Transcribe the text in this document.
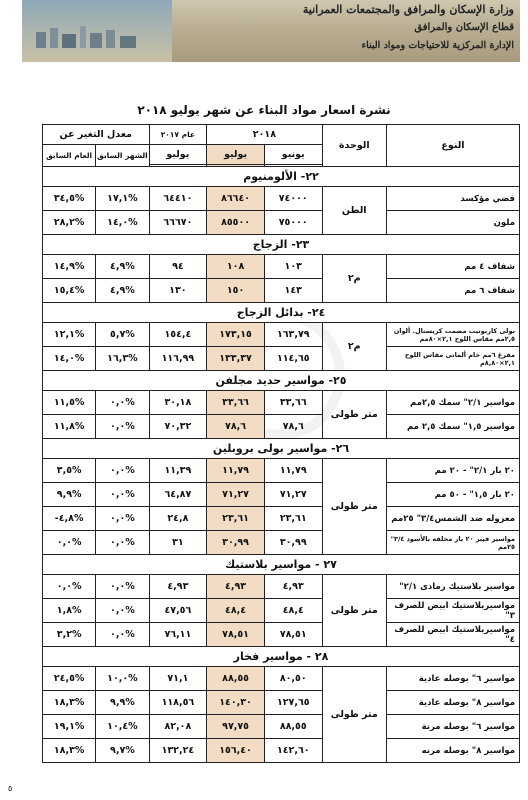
وزارة الإسكان والمرافق والمجتمعات العمرانية
قطاع الإسكان والمرافق
الإدارة المركزية للاحتياجات ومواد البناء
نشرة اسعار مواد البناء عن شهر يوليو ٢٠١٨
النوع	الوحدة	٢٠١٨		عام ٢٠١٧	معدل التغير عن	
		يونيو	يوليو	يوليو	الشهر السابق	العام السابق

٢٢- الألومنيوم						
فضي مؤكسد	الطن	٧٤٠٠٠	٨٦٦٤٠	٦٤٤١٠	%١٧,١	%٣٤,٥
ملون		٧٥٠٠٠	٨٥٥٠٠	٦٦٦٧٠	%١٤,٠	%٢٨,٢
٢٣- الزجاج						
شفاف ٤ مم	م٢	١٠٣	١٠٨	٩٤	%٤,٩	%١٤,٩
شفاف ٦ مم		١٤٣	١٥٠	١٣٠	%٤,٩	%١٥,٤
٢٤- بدائل الزجاج						
بولى كاربونيت مصمت كريستال. ألوان ٢,٥مم مقاس اللوح ٢,١×٨٠مم	م٢	١٦٣,٧٩	١٧٣,١٥	١٥٤,٤	%٥,٧	%١٢,١
مفرغ ٦مم خام ألمانى مقاس اللوح ٢,١×٨,٨٠م		١١٤,٦٥	١٣٣,٣٧	١١٦,٩٩	%١٦,٣	%١٤,٠
٢٥- مواسير حديد مجلفن						
مواسير ٢/١" سمك ٢,٥مم	متر طولى	٣٣,٦٦	٣٣,٦٦	٣٠,١٨	%٠,٠	%١١,٥
مواسير ١,٥" سمك ٢,٥ مم		٧٨,٦	٧٨,٦	٧٠,٣٢	%٠,٠	%١١,٨
٢٦- مواسير بولى بروبلين						
٢٠ بار ٢/١" - ٢٠ مم	متر طولى	١١,٧٩	١١,٧٩	١١,٣٩	%٠,٠	%٣,٥
٢٠ بار ١,٥" - ٥٠ مم		٧١,٢٧	٧١,٢٧	٦٤,٨٧	%٠,٠	%٩,٩
معزوله ضد الشمس٣/٤" ٢٥مم		٢٣,٦١	٢٣,٦١	٢٤,٨	%٠,٠	%٤,٨-
مواسير فيبر ٢٠ بار مخلفه بالأسود ٣/٤" ٢٥مم		٣٠,٩٩	٣٠,٩٩	٣١	%٠,٠	%٠,٠
٢٧ - مواسير بلاستيك						
مواسير بلاستيك رمادى ٢/١"	متر طولى	٤,٩٣	٤,٩٣	٤,٩٣	%٠,٠	%٠,٠
مواسيربلاستيك ابيض للصرف ٣"		٤٨,٤	٤٨,٤	٤٧,٥٦	%٠,٠	%١,٨
مواسيربلاستيك ابيض للصرف ٤"		٧٨,٥١	٧٨,٥١	٧٦,١١	%٠,٠	%٣,٢
٢٨ - مواسير فخار						
مواسير ٦" بوصله عادية	متر طولى	٨٠,٥٠	٨٨,٥٥	٧١,١	%١٠,٠	%٢٤,٥
مواسير ٨" بوصله عادية		١٢٧,٦٥	١٤٠,٣٠	١١٨,٥٦	%٩,٩	%١٨,٣
مواسير ٦" بوصله مرنة		٨٨,٥٥	٩٧,٧٥	٨٢,٠٨	%١٠,٤	%١٩,١
مواسير ٨" بوصله مرنه		١٤٢,٦٠	١٥٦,٤٠	١٣٢,٢٤	%٩,٧	%١٨,٣
٥
